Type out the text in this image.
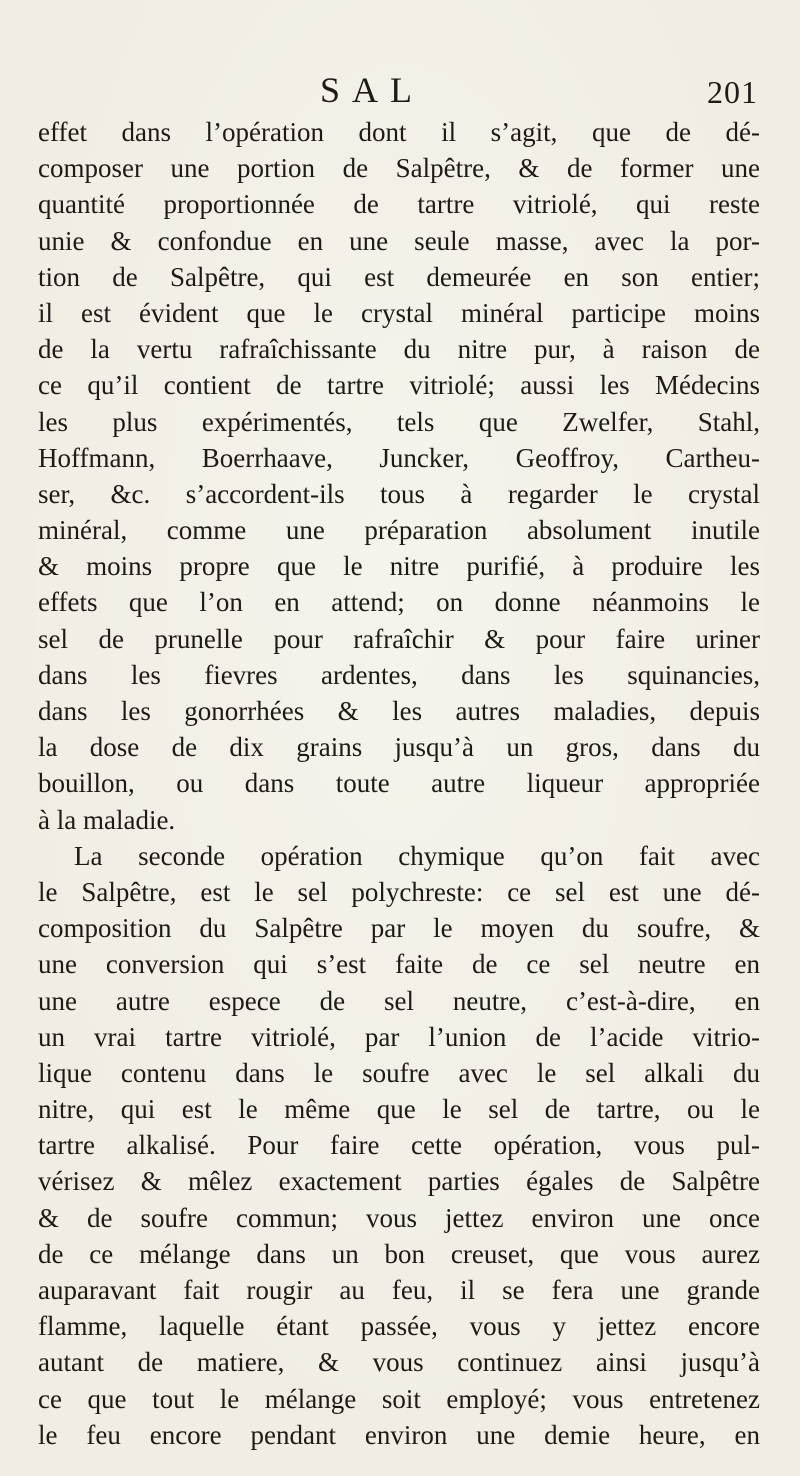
SAL	201
effet dans l’opération dont il s’agit, que de dé-
composer une portion de Salpêtre, & de former une
quantité proportionnée de tartre vitriolé, qui reste
unie & confondue en une seule masse, avec la por-
tion de Salpêtre, qui est demeurée en son entier;
il est évident que le crystal minéral participe moins
de la vertu rafraîchissante du nitre pur, à raison de
ce qu’il contient de tartre vitriolé; aussi les Médecins
les plus expérimentés, tels que Zwelfer, Stahl,
Hoffmann, Boerrhaave, Juncker, Geoffroy, Cartheu-
ser, &c. s’accordent-ils tous à regarder le crystal
minéral, comme une préparation absolument inutile
& moins propre que le nitre purifié, à produire les
effets que l’on en attend; on donne néanmoins le
sel de prunelle pour rafraîchir & pour faire uriner
dans les fievres ardentes, dans les squinancies,
dans les gonorrhées & les autres maladies, depuis
la dose de dix grains jusqu’à un gros, dans du
bouillon, ou dans toute autre liqueur appropriée
à la maladie.
La seconde opération chymique qu’on fait avec
le Salpêtre, est le sel polychreste: ce sel est une dé-
composition du Salpêtre par le moyen du soufre, &
une conversion qui s’est faite de ce sel neutre en
une autre espece de sel neutre, c’est-à-dire, en
un vrai tartre vitriolé, par l’union de l’acide vitrio-
lique contenu dans le soufre avec le sel alkali du
nitre, qui est le même que le sel de tartre, ou le
tartre alkalisé. Pour faire cette opération, vous pul-
vérisez & mêlez exactement parties égales de Salpêtre
& de soufre commun; vous jettez environ une once
de ce mélange dans un bon creuset, que vous aurez
auparavant fait rougir au feu, il se fera une grande
flamme, laquelle étant passée, vous y jettez encore
autant de matiere, & vous continuez ainsi jusqu’à
ce que tout le mélange soit employé; vous entretenez
le feu encore pendant environ une demie heure, en
